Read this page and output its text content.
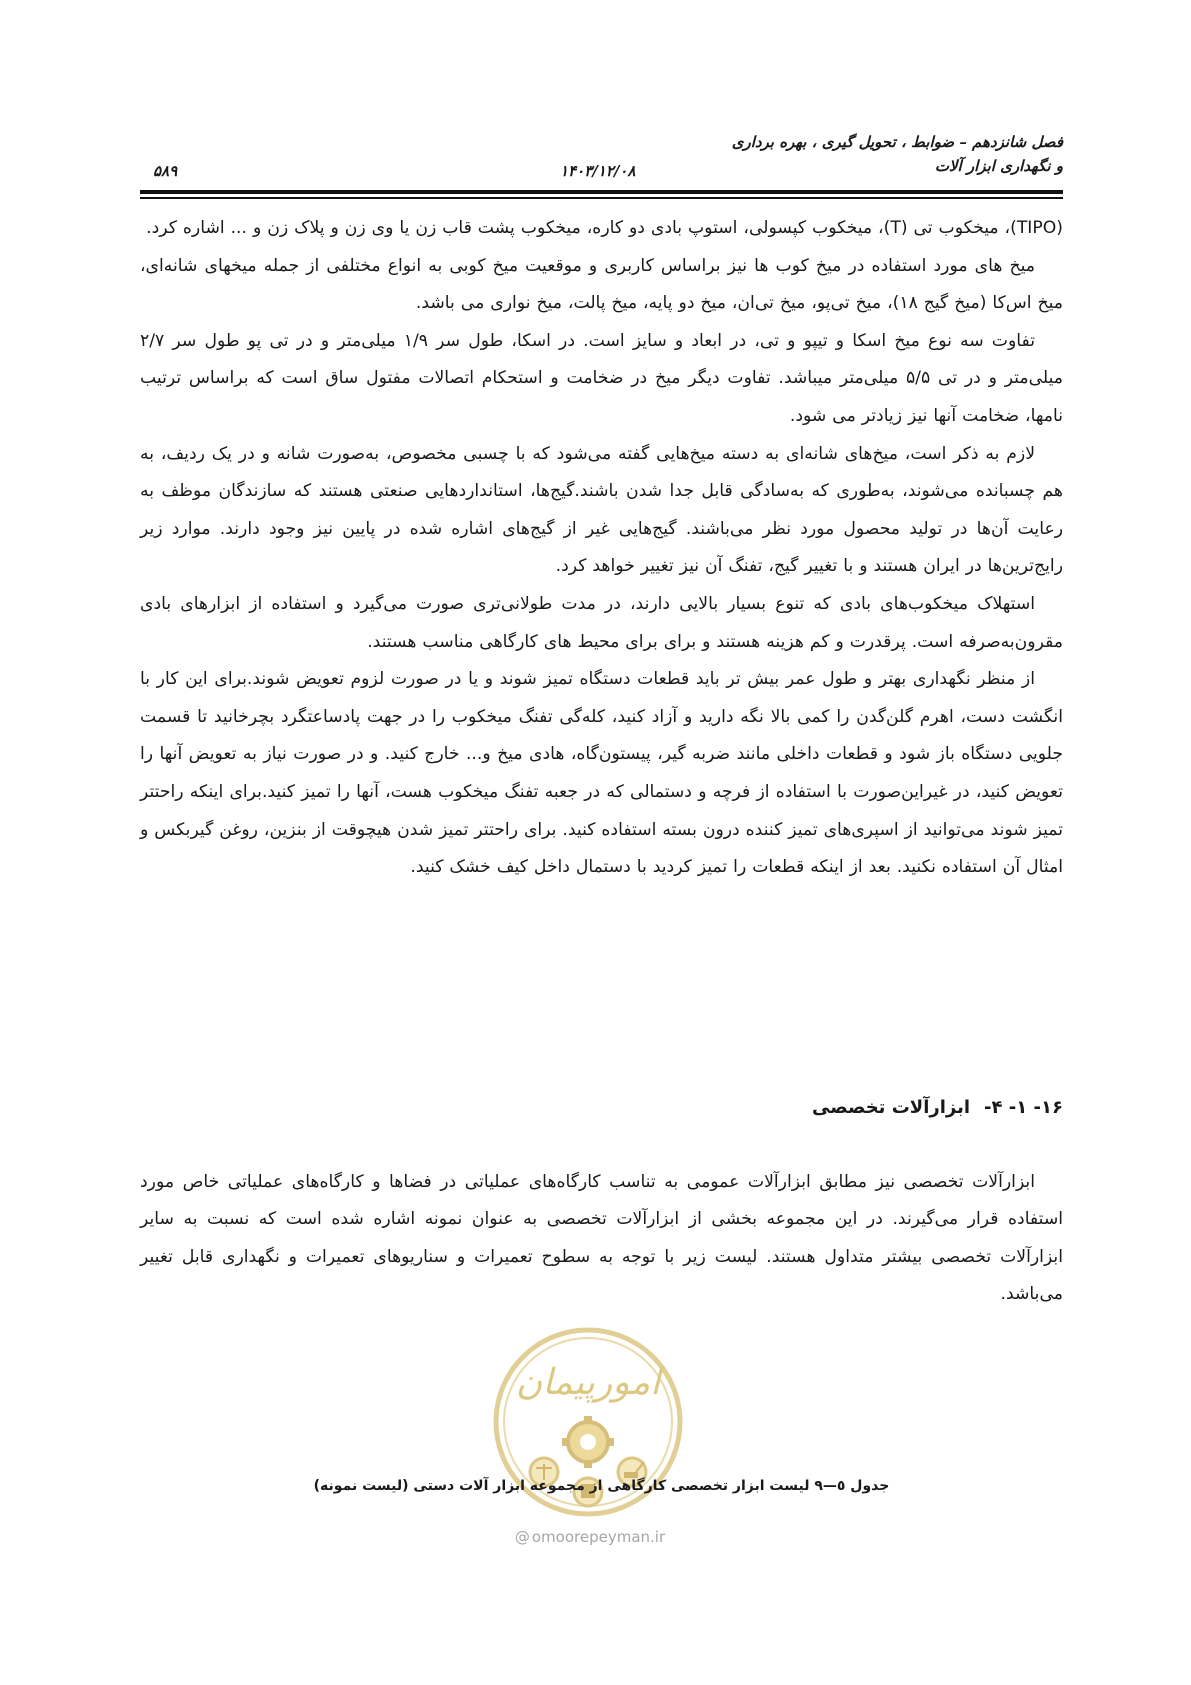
فصل شانزدهم – ضوابط ، تحویل گیری ، بهره برداری
و نگهداری ابزار آلات
۱۴۰۳/۱۲/۰۸
۵۸۹

(TIPO)، میخکوب تی (T)، میخکوب کپسولی، استوپ بادی دو کاره، میخکوب پشت قاب زن یا وی زن و پلاک زن و ... اشاره کرد.

میخ های مورد استفاده در میخ کوب ها نیز براساس کاربری و موقعیت میخ کوبی به انواع مختلفی از جمله میخهای شانه‌ای، میخ اس‌کا (میخ گیج ۱۸)، میخ تی‌پو، میخ تی‌ان، میخ دو پایه، میخ پالت، میخ نواری می باشد.

تفاوت سه نوع میخ اسکا و تیپو و تی، در ابعاد و سایز است. در اسکا، طول سر ۱/۹ میلی‌متر و در تی پو طول سر ۲/۷ میلی‌متر و در تی ۵/۵ میلی‌متر میباشد. تفاوت دیگر میخ در ضخامت و استحکام اتصالات مفتول ساق است که براساس ترتیب نامها، ضخامت آنها نیز زیادتر می شود.

لازم به ذکر است، میخ‌های شانه‌ای به دسته میخ‌هایی گفته می‌شود که با چسبی مخصوص، به‌صورت شانه و در یک ردیف، به هم چسبانده می‌شوند، به‌طوری که به‌سادگی قابل جدا شدن باشند.گیج‌ها، استانداردهایی صنعتی هستند که سازندگان موظف به رعایت آن‌ها در تولید محصول مورد نظر می‌باشند. گیج‌هایی غیر از گیج‌های اشاره شده در پایین نیز وجود دارند. موارد زیر رایج‌ترین‌ها در ایران هستند و با تغییر گیج، تفنگ آن نیز تغییر خواهد کرد.

استهلاک میخکوب‌های بادی که تنوع بسیار بالایی دارند، در مدت طولانی‌تری صورت می‌گیرد و استفاده از ابزارهای بادی مقرون‌به‌صرفه است. پرقدرت و کم هزینه هستند و برای برای محیط های کارگاهی مناسب هستند.

از منظر نگهداری بهتر و طول عمر بیش تر باید قطعات دستگاه تمیز شوند و یا در صورت لزوم تعویض شوند.برای این کار با انگشت دست، اهرم گلن‌گدن را کمی بالا نگه دارید و آزاد کنید، کله‌گی تفنگ میخکوب را در جهت پادساعتگرد بچرخانید تا قسمت جلویی دستگاه باز شود و قطعات داخلی مانند ضربه گیر، پیستون‌گاه، هادی میخ و... خارج کنید. و در صورت نیاز به تعویض آنها را تعویض کنید، در غیراین‌صورت با استفاده از فرچه و دستمالی که در جعبه تفنگ میخکوب هست، آنها را تمیز کنید.برای اینکه راحتتر تمیز شوند می‌توانید از اسپری‌های تمیز کننده درون بسته استفاده کنید. برای راحتتر تمیز شدن هیچوقت از بنزین، روغن گیربکس و امثال آن استفاده نکنید. بعد از اینکه قطعات را تمیز کردید با دستمال داخل کیف خشک کنید.

۱۶- ۱- ۴-ابزارآلات تخصصی

ابزارآلات تخصصی نیز مطابق ابزارآلات عمومی به تناسب کارگاه‌های عملیاتی در فضاها و کارگاه‌های عملیاتی خاص مورد استفاده قرار می‌گیرند. در این مجموعه بخشی از ابزارآلات تخصصی به عنوان نمونه اشاره شده است که نسبت به سایر ابزارآلات تخصصی بیشتر متداول هستند. لیست زیر با توجه به سطوح تعمیرات و سناریوهای تعمیرات و نگهداری قابل تغییر می‌باشد.

امورپیمان
جدول ٥—٩ لیست ابزار تخصصی کارگاهی از مجموعه ابزار آلات دستی (لیست نمونه)
@ omoorepeyman.ir
